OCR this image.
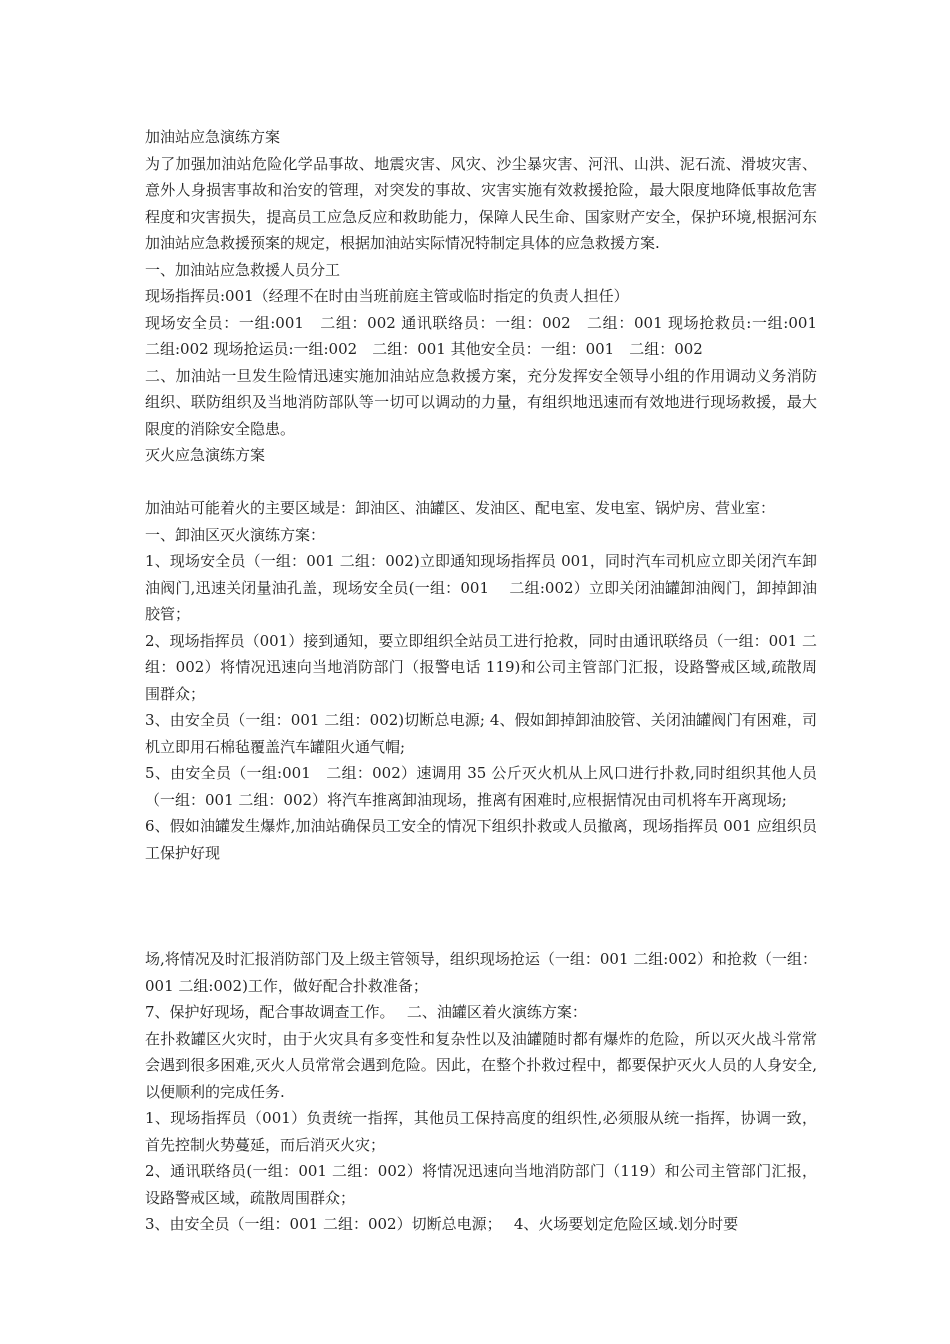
加油站应急演练方案

为了加强加油站危险化学品事故、地震灾害、风灾、沙尘暴灾害、河汛、山洪、泥石流、滑坡灾害、意外人身损害事故和治安的管理，对突发的事故、灾害实施有效救援抢险，最大限度地降低事故危害程度和灾害损失，提高员工应急反应和救助能力，保障人民生命、国家财产安全，保护环境,根据河东加油站应急救援预案的规定，根据加油站实际情况特制定具体的应急救援方案.

一、加油站应急救援人员分工

现场指挥员:001（经理不在时由当班前庭主管或临时指定的负责人担任）

现场安全员：一组:001　二组：002 通讯联络员：一组：002　二组：001 现场抢救员:一组:001　二组:002 现场抢运员:一组:002　二组：001 其他安全员：一组：001　二组：002

二、加油站一旦发生险情迅速实施加油站应急救援方案，充分发挥安全领导小组的作用调动义务消防组织、联防组织及当地消防部队等一切可以调动的力量，有组织地迅速而有效地进行现场救援，最大限度的消除安全隐患。

灭火应急演练方案

加油站可能着火的主要区域是：卸油区、油罐区、发油区、配电室、发电室、锅炉房、营业室：

一、卸油区灭火演练方案：

1、现场安全员（一组：001 二组：002)立即通知现场指挥员 001，同时汽车司机应立即关闭汽车卸油阀门,迅速关闭量油孔盖，现场安全员(一组：001　 二组:002）立即关闭油罐卸油阀门，卸掉卸油胶管；

2、现场指挥员（001）接到通知，要立即组织全站员工进行抢救，同时由通讯联络员（一组：001 二组：002）将情况迅速向当地消防部门（报警电话 119)和公司主管部门汇报，设路警戒区域,疏散周围群众；

3、由安全员（一组：001 二组：002)切断总电源; 4、假如卸掉卸油胶管、关闭油罐阀门有困难，司机立即用石棉毡覆盖汽车罐阻火通气帽;

5、由安全员（一组:001　二组：002）速调用 35 公斤灭火机从上风口进行扑救,同时组织其他人员（一组：001 二组：002）将汽车推离卸油现场，推离有困难时,应根据情况由司机将车开离现场;

6、假如油罐发生爆炸,加油站确保员工安全的情况下组织扑救或人员撤离，现场指挥员 001 应组织员工保护好现

场,将情况及时汇报消防部门及上级主管领导，组织现场抢运（一组：001 二组:002）和抢救（一组：001 二组:002)工作，做好配合扑救准备；

7、保护好现场，配合事故调查工作。　 二、油罐区着火演练方案：

在扑救罐区火灾时，由于火灾具有多变性和复杂性以及油罐随时都有爆炸的危险，所以灭火战斗常常会遇到很多困难,灭火人员常常会遇到危险。因此，在整个扑救过程中，都要保护灭火人员的人身安全,以便顺利的完成任务.

1、现场指挥员（001）负责统一指挥，其他员工保持高度的组织性,必须服从统一指挥，协调一致，首先控制火势蔓延，而后消灭火灾；

2、通讯联络员(一组：001 二组：002）将情况迅速向当地消防部门（119）和公司主管部门汇报，设路警戒区域，疏散周围群众；

3、由安全员（一组：001 二组：002）切断总电源；　 4、火场要划定危险区域.划分时要
